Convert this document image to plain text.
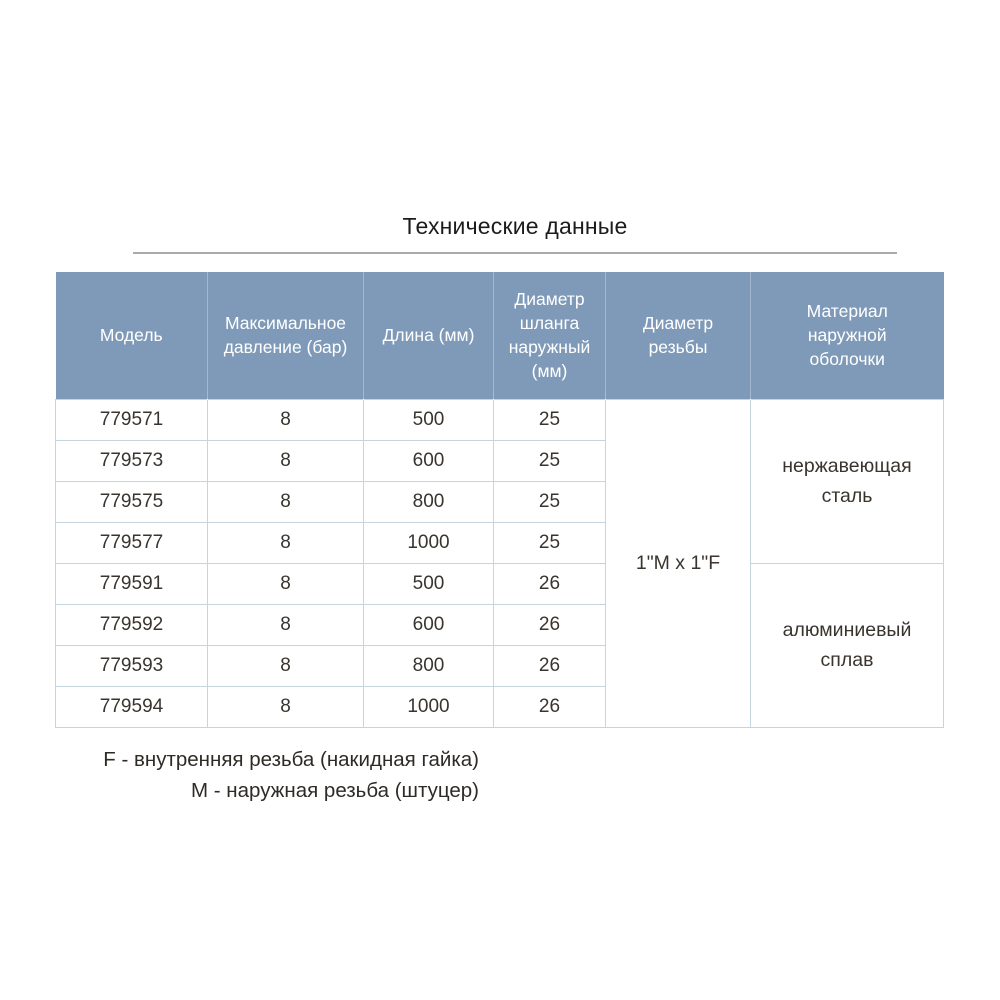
Технические данные
Модель	Максимальное давление (бар)	Длина (мм)	Диаметр шланга наружный (мм)	Диаметр резьбы	Материал наружной оболочки
779571	8	500	25	1"M x 1"F	нержавеющая сталь
779573	8	600	25		
779575	8	800	25		
779577	8	1000	25		
779591	8	500	26		алюминиевый сплав
779592	8	600	26		
779593	8	800	26		
779594	8	1000	26		
F - внутренняя резьба (накидная гайка)
М - наружная резьба (штуцер)
